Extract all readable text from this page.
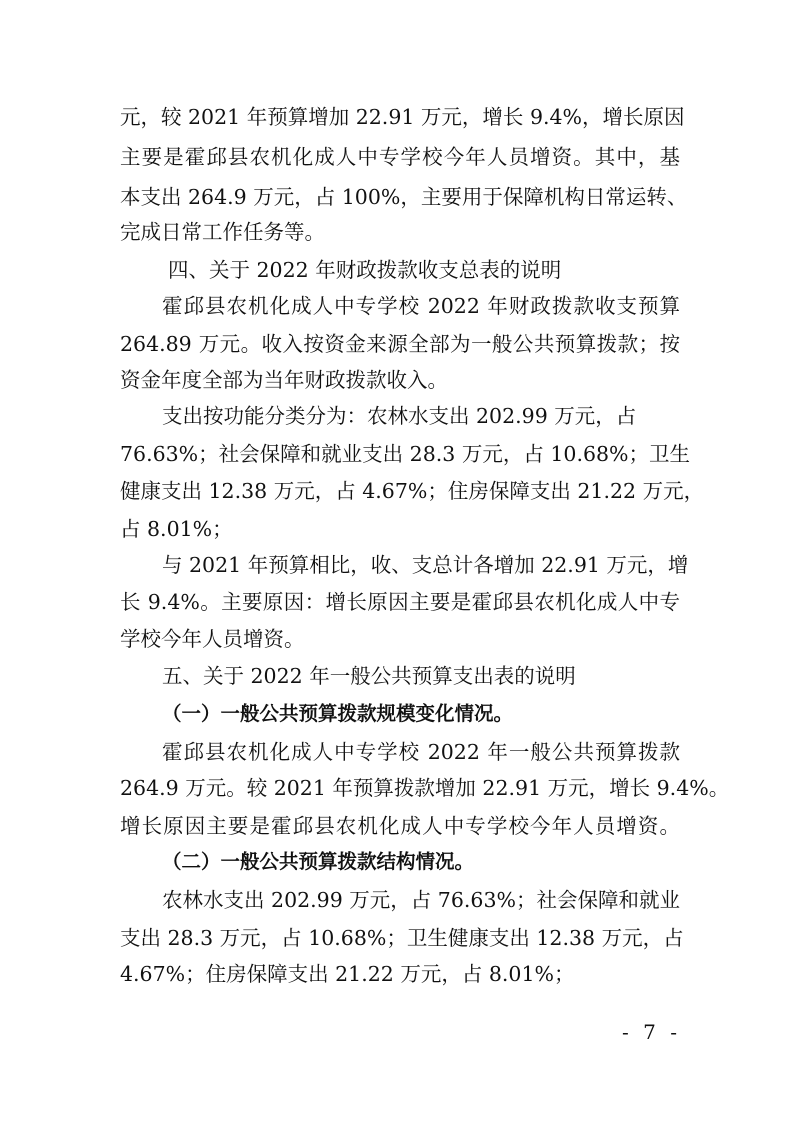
元，较 2021 年预算增加 22.91 万元，增长 9.4%，增长原因
主要是霍邱县农机化成人中专学校今年人员增资。其中，基
本支出 264.9 万元，占 100%，主要用于保障机构日常运转、
完成日常工作任务等。
四、关于 2022 年财政拨款收支总表的说明
霍邱县农机化成人中专学校 2022 年财政拨款收支预算
264.89 万元。收入按资金来源全部为一般公共预算拨款；按
资金年度全部为当年财政拨款收入。
支出按功能分类分为：农林水支出 202.99 万元，占
76.63%；社会保障和就业支出 28.3 万元，占 10.68%；卫生
健康支出 12.38 万元，占 4.67%；住房保障支出 21.22 万元，
占 8.01%；
与 2021 年预算相比，收、支总计各增加 22.91 万元，增
长 9.4%。主要原因：增长原因主要是霍邱县农机化成人中专
学校今年人员增资。
五、关于 2022 年一般公共预算支出表的说明
（一）一般公共预算拨款规模变化情况。
霍邱县农机化成人中专学校 2022 年一般公共预算拨款
264.9 万元。较 2021 年预算拨款增加 22.91 万元，增长 9.4%。
增长原因主要是霍邱县农机化成人中专学校今年人员增资。
（二）一般公共预算拨款结构情况。
农林水支出 202.99 万元，占 76.63%；社会保障和就业
支出 28.3 万元，占 10.68%；卫生健康支出 12.38 万元，占
4.67%；住房保障支出 21.22 万元，占 8.01%；
- 7 -
